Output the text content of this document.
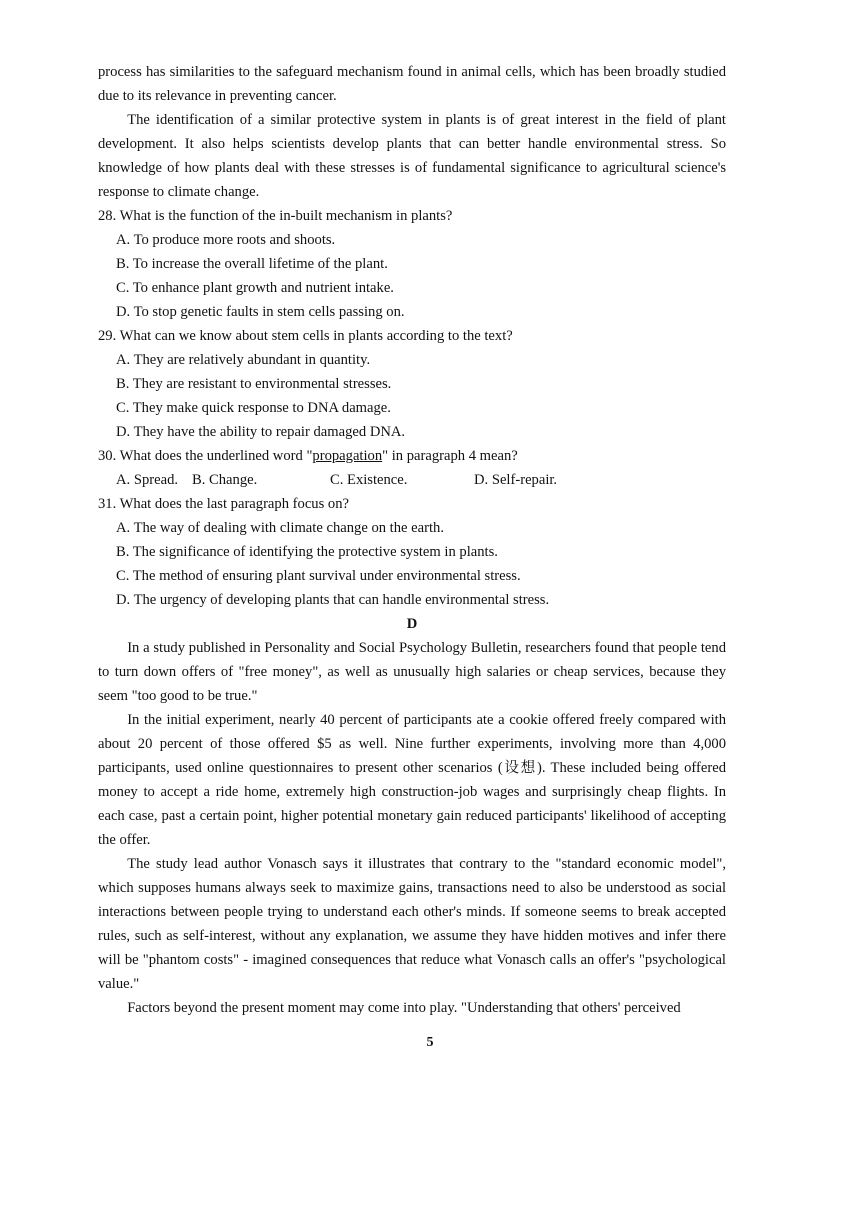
process has similarities to the safeguard mechanism found in animal cells, which has been broadly studied due to its relevance in preventing cancer.

The identification of a similar protective system in plants is of great interest in the field of plant development. It also helps scientists develop plants that can better handle environmental stress. So knowledge of how plants deal with these stresses is of fundamental significance to agricultural science's response to climate change.

28. What is the function of the in-built mechanism in plants?

A. To produce more roots and shoots.

B. To increase the overall lifetime of the plant.

C. To enhance plant growth and nutrient intake.

D. To stop genetic faults in stem cells passing on.

29. What can we know about stem cells in plants according to the text?

A. They are relatively abundant in quantity.

B. They are resistant to environmental stresses.

C. They make quick response to DNA damage.

D. They have the ability to repair damaged DNA.

30. What does the underlined word "propagation" in paragraph 4 mean?

A. Spread. B. Change.	C. Existence.	D. Self-repair.

31. What does the last paragraph focus on?

A. The way of dealing with climate change on the earth.

B. The significance of identifying the protective system in plants.

C. The method of ensuring plant survival under environmental stress.

D. The urgency of developing plants that can handle environmental stress.

D

In a study published in Personality and Social Psychology Bulletin, researchers found that people tend to turn down offers of "free money", as well as unusually high salaries or cheap services, because they seem "too good to be true."

In the initial experiment, nearly 40 percent of participants ate a cookie offered freely compared with about 20 percent of those offered $5 as well. Nine further experiments, involving more than 4,000 participants, used online questionnaires to present other scenarios (设想). These included being offered money to accept a ride home, extremely high construction-job wages and surprisingly cheap flights. In each case, past a certain point, higher potential monetary gain reduced participants' likelihood of accepting the offer.

The study lead author Vonasch says it illustrates that contrary to the "standard economic model", which supposes humans always seek to maximize gains, transactions need to also be understood as social interactions between people trying to understand each other's minds. If someone seems to break accepted rules, such as self-interest, without any explanation, we assume they have hidden motives and infer there will be "phantom costs" - imagined consequences that reduce what Vonasch calls an offer's "psychological value."

Factors beyond the present moment may come into play. "Understanding that others' perceived

5
